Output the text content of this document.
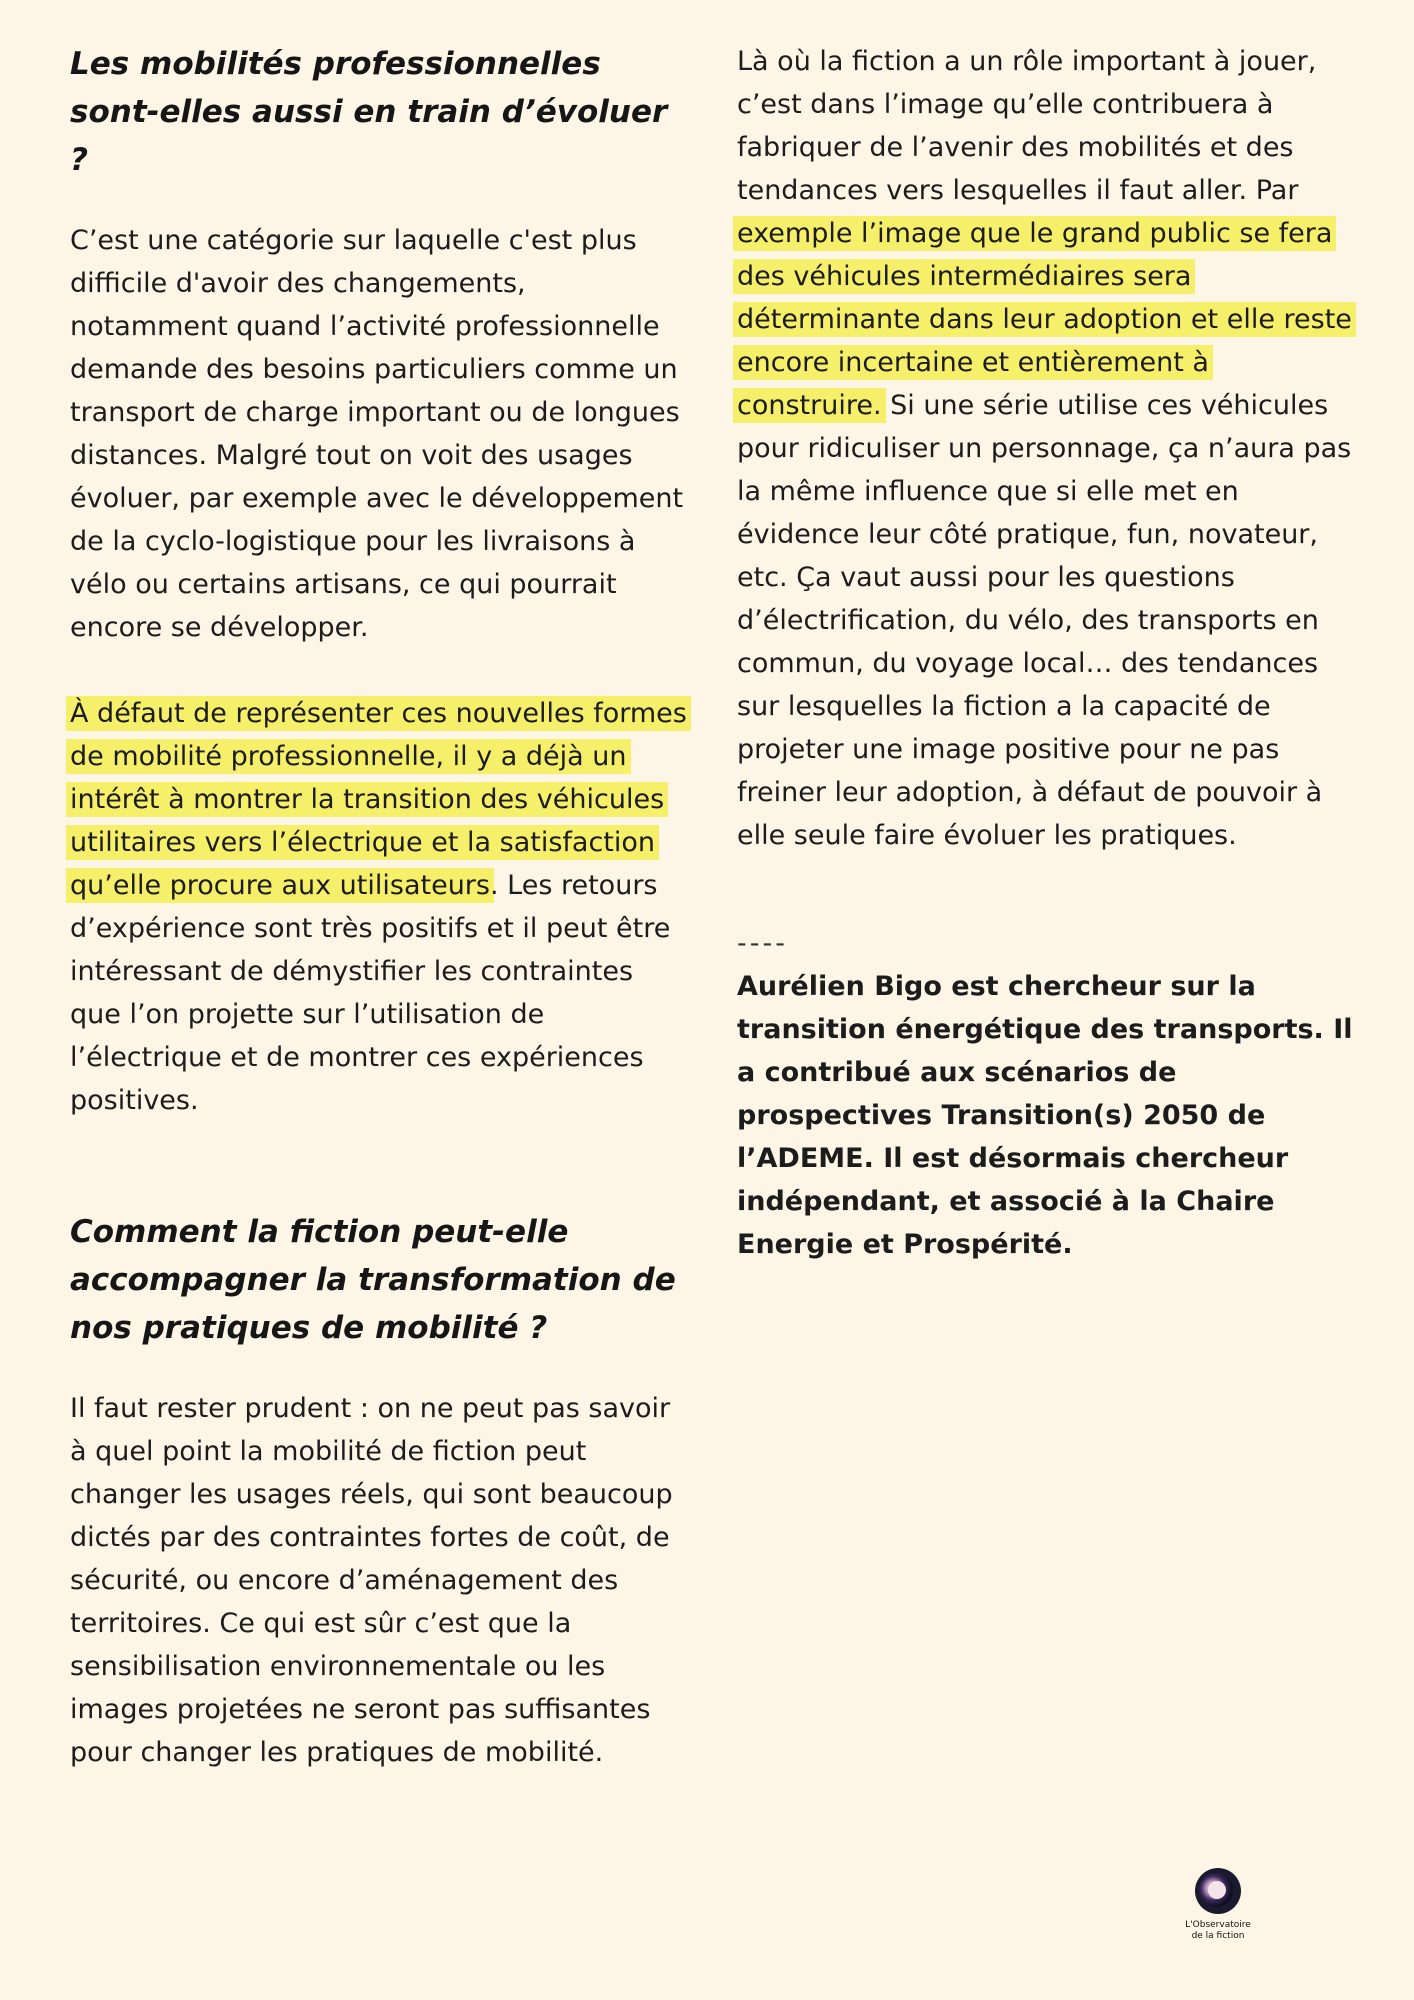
Les mobilités professionnelles sont-elles aussi en train d’évoluer ?

C’est une catégorie sur laquelle c'est plus difficile d'avoir des changements, notamment quand l’activité professionnelle demande des besoins particuliers comme un transport de charge important ou de longues distances. Malgré tout on voit des usages évoluer, par exemple avec le développement de la cyclo-logistique pour les livraisons à vélo ou certains artisans, ce qui pourrait encore se développer.

À défaut de représenter ces nouvelles formes de mobilité professionnelle, il y a déjà un intérêt à montrer la transition des véhicules utilitaires vers l’électrique et la satisfaction qu’elle procure aux utilisateurs. Les retours d’expérience sont très positifs et il peut être intéressant de démystifier les contraintes que l’on projette sur l’utilisation de l’électrique et de montrer ces expériences positives.

Comment la fiction peut-elle accompagner la transformation de nos pratiques de mobilité ?

Il faut rester prudent : on ne peut pas savoir à quel point la mobilité de fiction peut changer les usages réels, qui sont beaucoup dictés par des contraintes fortes de coût, de sécurité, ou encore d’aménagement des territoires. Ce qui est sûr c’est que la sensibilisation environnementale ou les images projetées ne seront pas suffisantes pour changer les pratiques de mobilité.

Là où la fiction a un rôle important à jouer, c’est dans l’image qu’elle contribuera à fabriquer de l’avenir des mobilités et des tendances vers lesquelles il faut aller. Par exemple l’image que le grand public se fera des véhicules intermédiaires sera déterminante dans leur adoption et elle reste encore incertaine et entièrement à construire. Si une série utilise ces véhicules pour ridiculiser un personnage, ça n’aura pas la même influence que si elle met en évidence leur côté pratique, fun, novateur, etc. Ça vaut aussi pour les questions d’électrification, du vélo, des transports en commun, du voyage local… des tendances sur lesquelles la fiction a la capacité de projeter une image positive pour ne pas freiner leur adoption, à défaut de pouvoir à elle seule faire évoluer les pratiques.

----

Aurélien Bigo est chercheur sur la transition énergétique des transports. Il a contribué aux scénarios de prospectives Transition(s) 2050 de l’ADEME. Il est désormais chercheur indépendant, et associé à la Chaire Energie et Prospérité.

L'Observatoire
de la fiction
